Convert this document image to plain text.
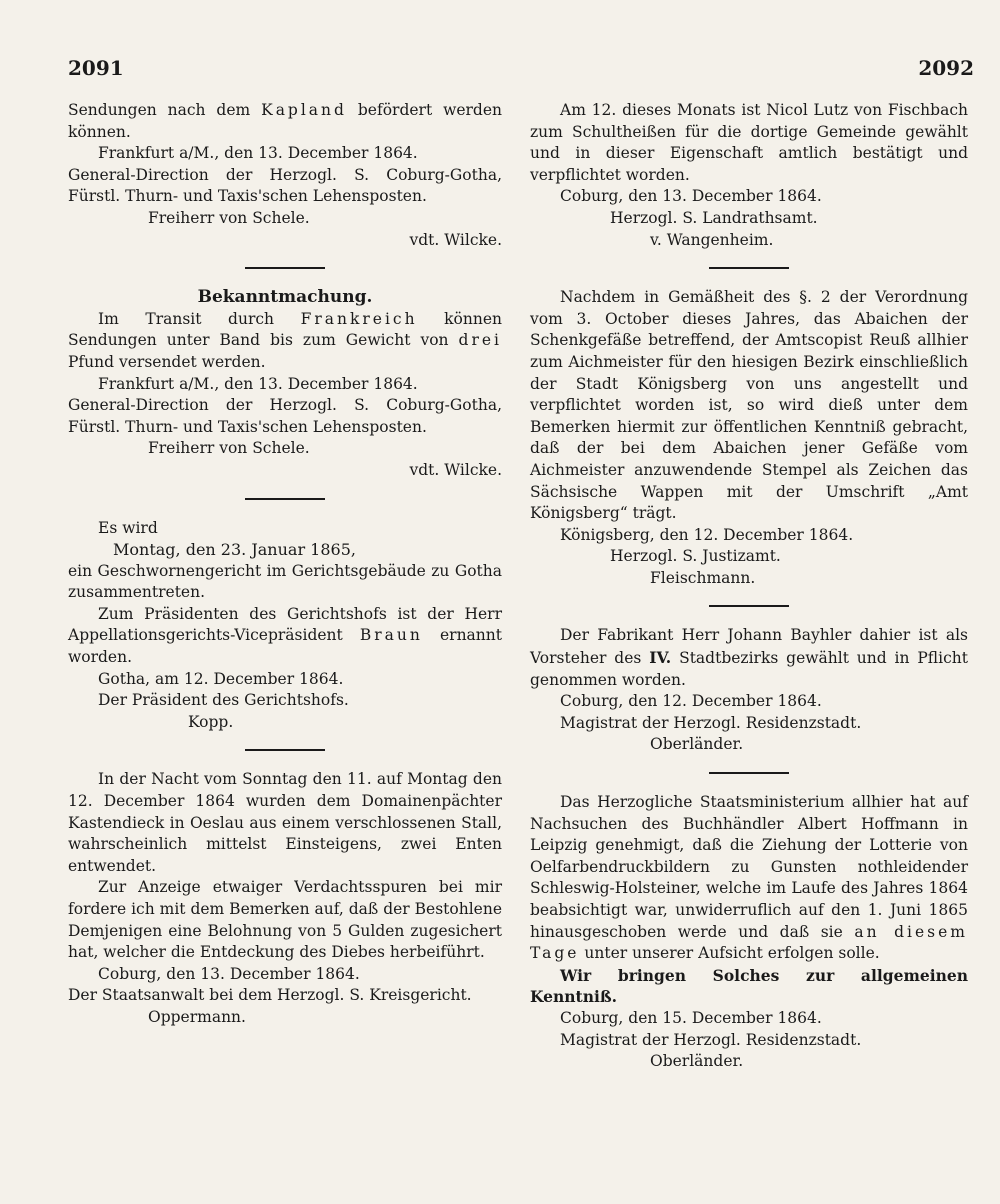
2091	2092

Sendungen nach dem Kapland befördert werden können.

Frankfurt a/M., den 13. December 1864.

General-Direction der Herzogl. S. Coburg-Gotha, Fürstl. Thurn- und Taxis'schen Lehensposten.

Freiherr von Schele.

vdt. Wilcke.

Bekanntmachung.

Im Transit durch Frankreich können Sendungen unter Band bis zum Gewicht von drei Pfund versendet werden.

Frankfurt a/M., den 13. December 1864.

General-Direction der Herzogl. S. Coburg-Gotha, Fürstl. Thurn- und Taxis'schen Lehensposten.

Freiherr von Schele.

vdt. Wilcke.

Es wird

Montag, den 23. Januar 1865,

ein Geschwornengericht im Gerichtsgebäude zu Gotha zusammentreten.

Zum Präsidenten des Gerichtshofs ist der Herr Appellationsgerichts-Vicepräsident Braun ernannt worden.

Gotha, am 12. December 1864.

Der Präsident des Gerichtshofs.

Kopp.

In der Nacht vom Sonntag den 11. auf Montag den 12. December 1864 wurden dem Domainenpächter Kastendieck in Oeslau aus einem verschlossenen Stall, wahrscheinlich mittelst Einsteigens, zwei Enten entwendet.

Zur Anzeige etwaiger Verdachtsspuren bei mir fordere ich mit dem Bemerken auf, daß der Bestohlene Demjenigen eine Belohnung von 5 Gulden zugesichert hat, welcher die Entdeckung des Diebes herbeiführt.

Coburg, den 13. December 1864.

Der Staatsanwalt bei dem Herzogl. S. Kreisgericht.

Oppermann.

Am 12. dieses Monats ist Nicol Lutz von Fischbach zum Schultheißen für die dortige Gemeinde gewählt und in dieser Eigenschaft amtlich bestätigt und verpflichtet worden.

Coburg, den 13. December 1864.

Herzogl. S. Landrathsamt.

v. Wangenheim.

Nachdem in Gemäßheit des §. 2 der Verordnung vom 3. October dieses Jahres, das Abaichen der Schenkgefäße betreffend, der Amtscopist Reuß allhier zum Aichmeister für den hiesigen Bezirk einschließlich der Stadt Königsberg von uns angestellt und verpflichtet worden ist, so wird dieß unter dem Bemerken hiermit zur öffentlichen Kenntniß gebracht, daß der bei dem Abaichen jener Gefäße vom Aichmeister anzuwendende Stempel als Zeichen das Sächsische Wappen mit der Umschrift „Amt Königsberg“ trägt.

Königsberg, den 12. December 1864.

Herzogl. S. Justizamt.

Fleischmann.

Der Fabrikant Herr Johann Bayhler dahier ist als Vorsteher des IV. Stadtbezirks gewählt und in Pflicht genommen worden.

Coburg, den 12. December 1864.

Magistrat der Herzogl. Residenzstadt.

Oberländer.

Das Herzogliche Staatsministerium allhier hat auf Nachsuchen des Buchhändler Albert Hoffmann in Leipzig genehmigt, daß die Ziehung der Lotterie von Oelfarbendruckbildern zu Gunsten nothleidender Schleswig-Holsteiner, welche im Laufe des Jahres 1864 beabsichtigt war, unwiderruflich auf den 1. Juni 1865 hinausgeschoben werde und daß sie an diesem Tage unter unserer Aufsicht erfolgen solle.

Wir bringen Solches zur allgemeinen Kenntniß.

Coburg, den 15. December 1864.

Magistrat der Herzogl. Residenzstadt.

Oberländer.
